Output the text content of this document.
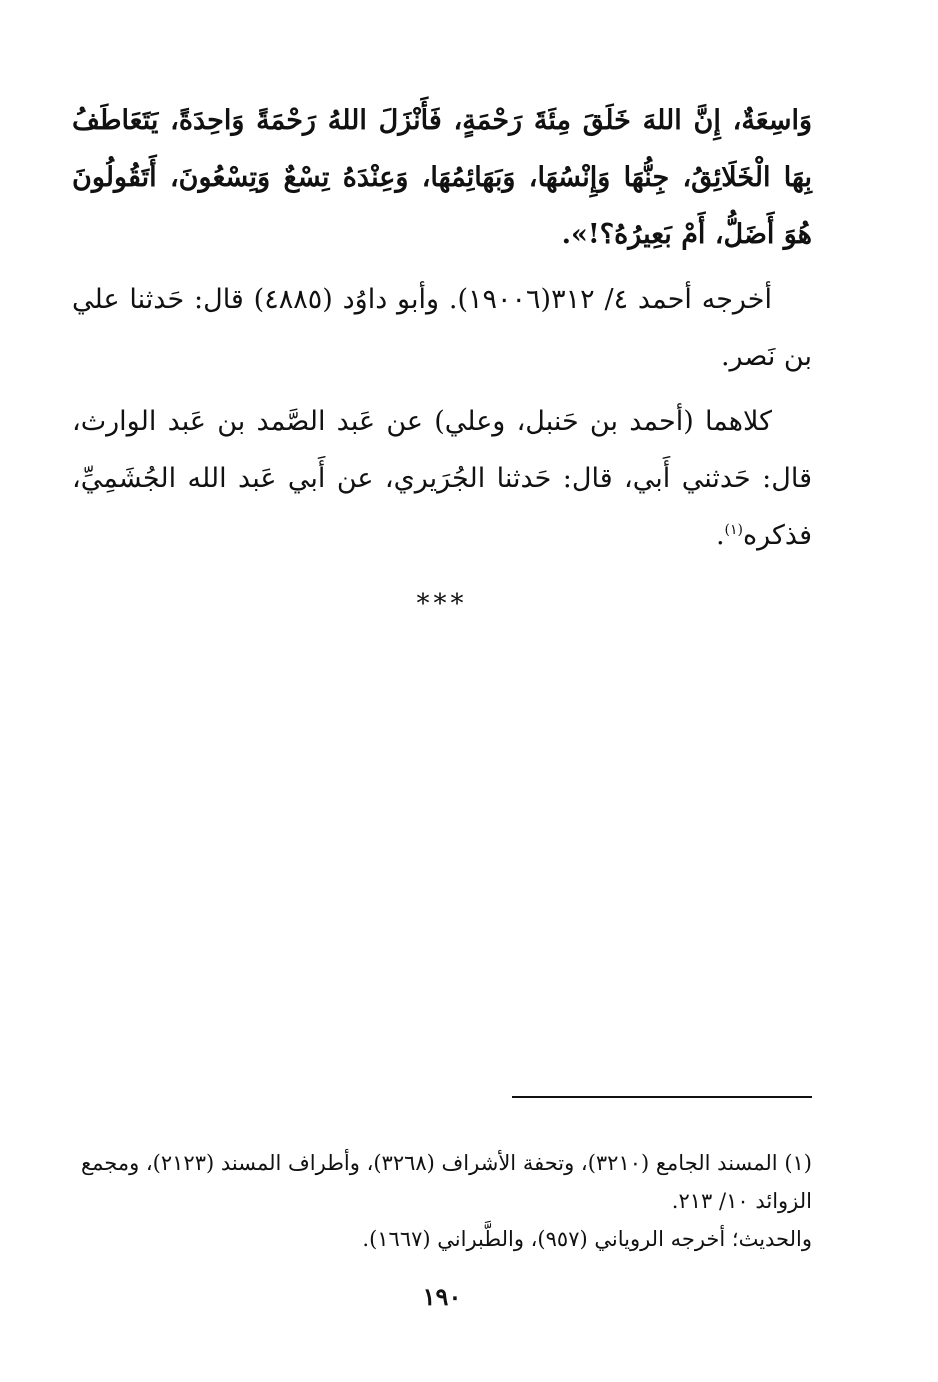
وَاسِعَةٌ، إِنَّ اللهَ خَلَقَ مِئَةَ رَحْمَةٍ، فَأَنْزَلَ اللهُ رَحْمَةً وَاحِدَةً، يَتَعَاطَفُ بِهَا الْخَلَائِقُ، جِنُّهَا وَإِنْسُهَا، وَبَهَائِمُهَا، وَعِنْدَهُ تِسْعٌ وَتِسْعُونَ، أَتَقُولُونَ هُوَ أَضَلُّ، أَمْ بَعِيرُهُ؟!».

أخرجه أحمد ٤/ ٣١٢(١٩٠٠٦). وأبو داوُد (٤٨٨٥) قال: حَدثنا علي بن نَصر.

كلاهما (أحمد بن حَنبل، وعلي) عن عَبد الصَّمد بن عَبد الوارث، قال: حَدثني أَبي، قال: حَدثنا الجُرَيري، عن أَبي عَبد الله الجُشَمِيِّ، فذكره$^{(١)}$.

***

(١) المسند الجامع (٣٢١٠)، وتحفة الأشراف (٣٢٦٨)، وأطراف المسند (٢١٢٣)، ومجمع

الزوائد ١٠/ ٢١٣.

والحديث؛ أخرجه الروياني (٩٥٧)، والطَّبراني (١٦٦٧).

١٩٠
